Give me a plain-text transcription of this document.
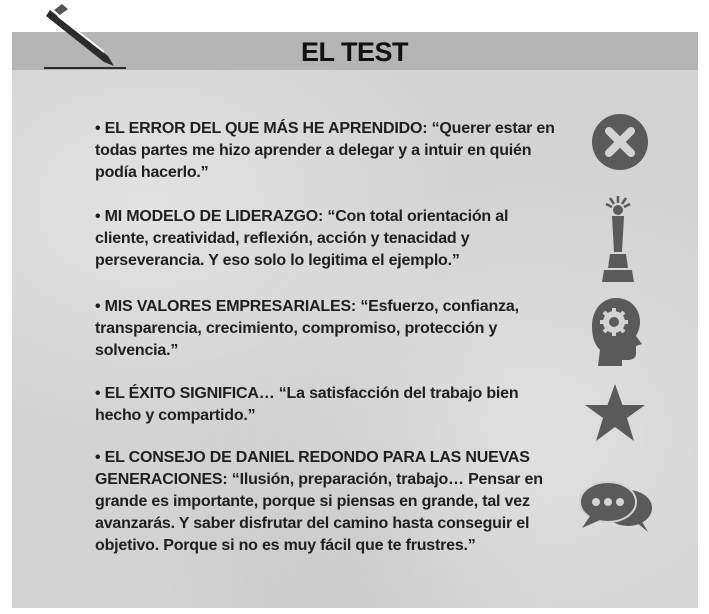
EL TEST
• EL ERROR DEL QUE MÁS HE APRENDIDO: “Querer estar en todas partes me hizo aprender a delegar y a intuir en quién podía hacerlo.”
• MI MODELO DE LIDERAZGO: “Con total orientación al cliente, creatividad, reflexión, acción y tenacidad y perseverancia. Y eso solo lo legitima el ejemplo.”
• MIS VALORES EMPRESARIALES: “Esfuerzo, confianza, transparencia, crecimiento, compromiso, protección y solvencia.”
• EL ÉXITO SIGNIFICA… “La satisfacción del trabajo bien hecho y compartido.”
• EL CONSEJO DE DANIEL REDONDO PARA LAS NUEVAS GENERACIONES: “Ilusión, preparación, trabajo… Pensar en grande es importante, porque si piensas en grande, tal vez avanzarás. Y saber disfrutar del camino hasta conseguir el objetivo. Porque si no es muy fácil que te frustres.”
